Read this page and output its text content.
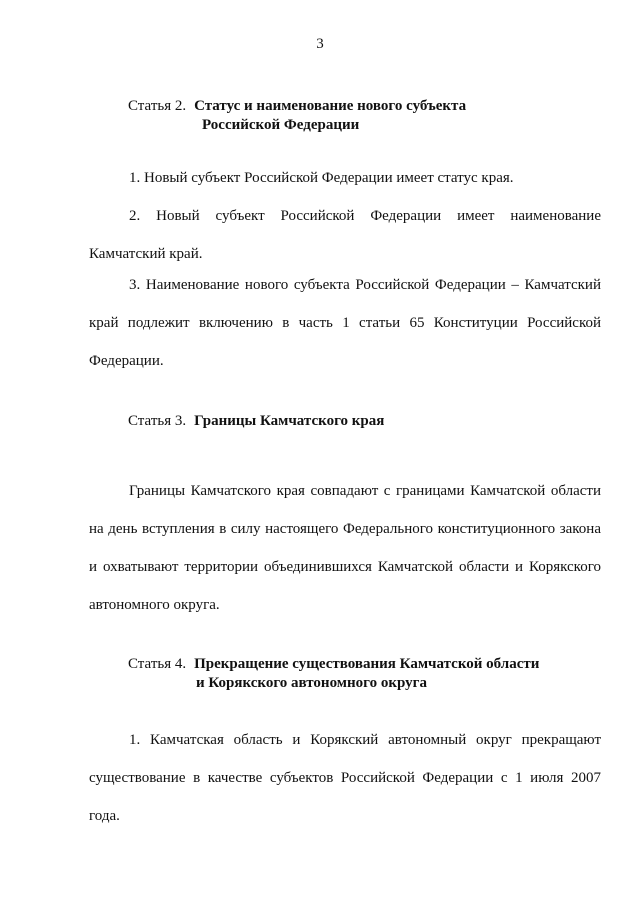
3
Статья 2. Статус и наименование нового субъекта
Российской Федерации

1. Новый субъект Российской Федерации имеет статус края.

2. Новый субъект Российской Федерации имеет наименование Камчатский край.

3. Наименование нового субъекта Российской Федерации – Камчатский край подлежит включению в часть 1 статьи 65 Конституции Российской Федерации.

Статья 3. Границы Камчатского края

Границы Камчатского края совпадают с границами Камчатской области на день вступления в силу настоящего Федерального конституционного закона и охватывают территории объединившихся Камчатской области и Корякского автономного округа.

Статья 4. Прекращение существования Камчатской области
и Корякского автономного округа

1. Камчатская область и Корякский автономный округ прекращают существование в качестве субъектов Российской Федерации с 1 июля 2007 года.
